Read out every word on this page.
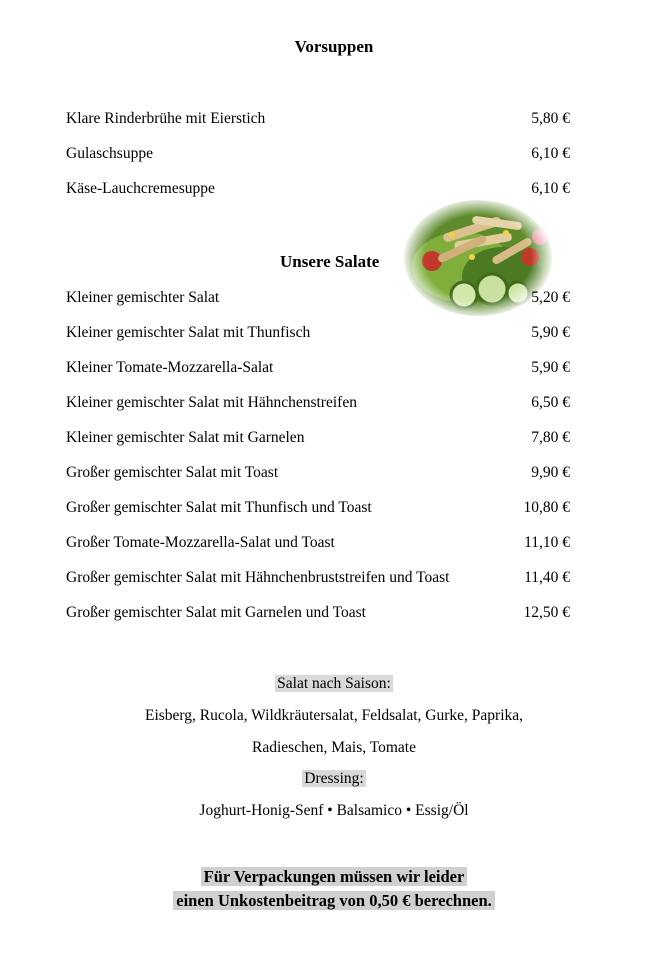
Vorsuppen
Klare Rinderbrühe mit Eierstich	5,80 €
Gulaschsuppe	6,10 €
Käse-Lauchcremesuppe	6,10 €
Unsere Salate
Kleiner gemischter Salat	5,20 €
Kleiner gemischter Salat mit Thunfisch	5,90 €
Kleiner Tomate-Mozzarella-Salat	5,90 €
Kleiner gemischter Salat mit Hähnchenstreifen	6,50 €
Kleiner gemischter Salat mit Garnelen	7,80 €
Großer gemischter Salat mit Toast	9,90 €
Großer gemischter Salat mit Thunfisch und Toast	10,80 €
Großer Tomate-Mozzarella-Salat und Toast	11,10 €
Großer gemischter Salat mit Hähnchenbruststreifen und Toast	11,40 €
Großer gemischter Salat mit Garnelen und Toast	12,50 €
Salat nach Saison:
Eisberg, Rucola, Wildkräutersalat, Feldsalat, Gurke, Paprika,
Radieschen, Mais, Tomate
Dressing:
Joghurt-Honig-Senf • Balsamico • Essig/Öl
Für Verpackungen müssen wir leider
einen Unkostenbeitrag von 0,50 € berechnen.
